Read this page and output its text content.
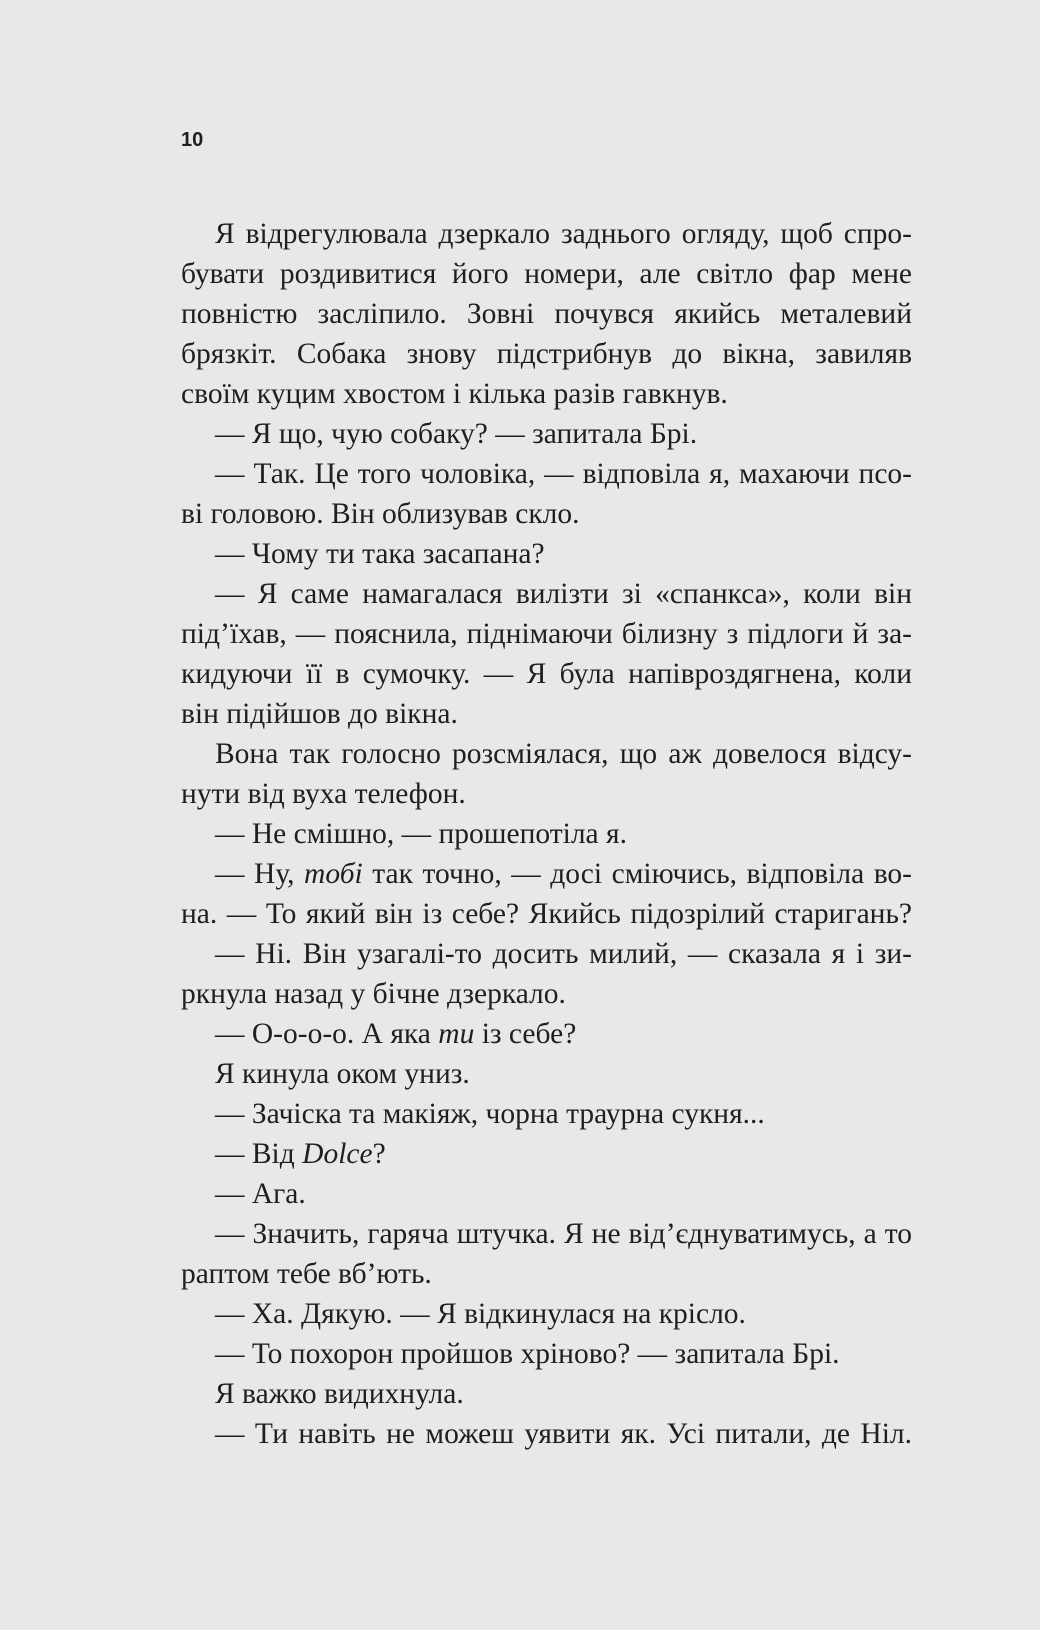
10
Я відрегулювала дзеркало заднього огляду, щоб спро-
бувати роздивитися його номери, але світло фар мене
повністю засліпило. Зовні почувся якийсь металевий
брязкіт. Собака знову підстрибнув до вікна, завиляв
своїм куцим хвостом і кілька разів гавкнув.
— Я що, чую собаку? — запитала Брі.
— Так. Це того чоловіка, — відповіла я, махаючи псо-
ві головою. Він облизував скло.
— Чому ти така засапана?
— Я саме намагалася вилізти зі «спанкса», коли він
під’їхав, — пояснила, піднімаючи білизну з підлоги й за-
кидуючи її в сумочку. — Я була напівроздягнена, коли
він підійшов до вікна.
Вона так голосно розсміялася, що аж довелося відсу-
нути від вуха телефон.
— Не смішно, — прошепотіла я.
— Ну, тобі так точно, — досі сміючись, відповіла во-
на. — То який він із себе? Якийсь підозрілий старигань?
— Ні. Він узагалі-то досить милий, — сказала я і зи-
ркнула назад у бічне дзеркало.
— О-о-о-о. А яка ти із себе?
Я кинула оком униз.
— Зачіска та макіяж, чорна траурна сукня...
— Від Dolce?
— Ага.
— Значить, гаряча штучка. Я не від’єднуватимусь, а то
раптом тебе вб’ють.
— Ха. Дякую. — Я відкинулася на крісло.
— То похорон пройшов хріново? — запитала Брі.
Я важко видихнула.
— Ти навіть не можеш уявити як. Усі питали, де Ніл.
